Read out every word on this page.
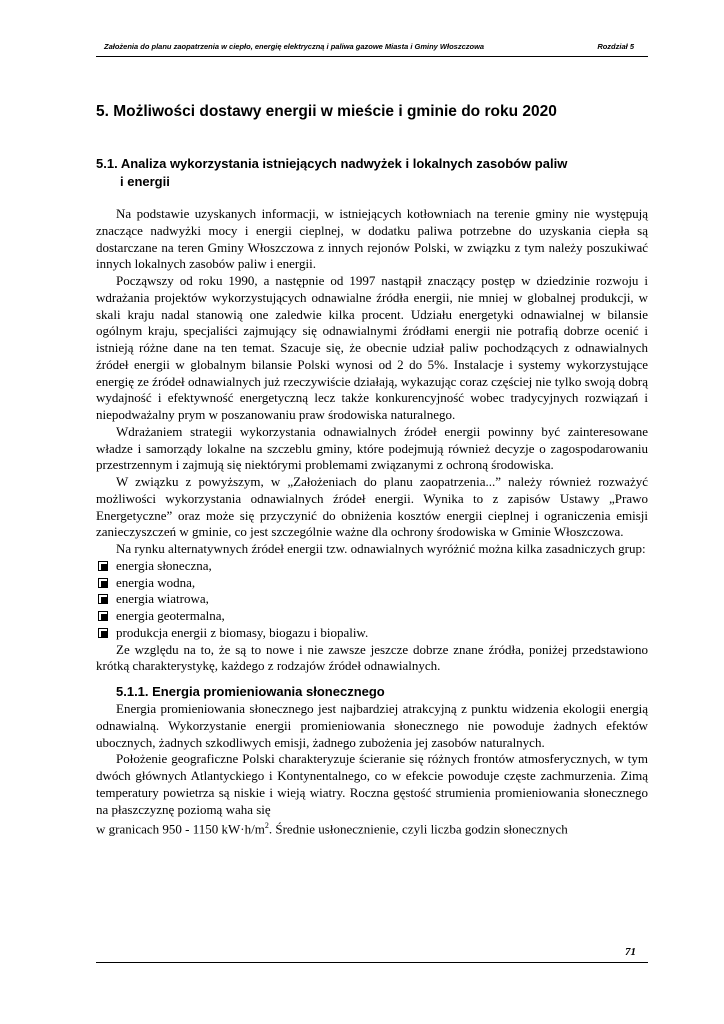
Założenia do planu zaopatrzenia w ciepło, energię elektryczną i paliwa gazowe Miasta i Gminy Włoszczowa	Rozdział 5
5. Możliwości dostawy energii w mieście i gminie do roku 2020
5.1. Analiza wykorzystania istniejących nadwyżek i lokalnych zasobów paliw
i energii

Na podstawie uzyskanych informacji, w istniejących kotłowniach na terenie gminy nie występują znaczące nadwyżki mocy i energii cieplnej, w dodatku paliwa potrzebne do uzyskania ciepła są dostarczane na teren Gminy Włoszczowa z innych rejonów Polski, w związku z tym należy poszukiwać innych lokalnych zasobów paliw i energii.

Począwszy od roku 1990, a następnie od 1997 nastąpił znaczący postęp w dziedzinie rozwoju i wdrażania projektów wykorzystujących odnawialne źródła energii, nie mniej w globalnej produkcji, w skali kraju nadal stanowią one zaledwie kilka procent. Udziału energetyki odnawialnej w bilansie ogólnym kraju, specjaliści zajmujący się odnawialnymi źródłami energii nie potrafią dobrze ocenić i istnieją różne dane na ten temat. Szacuje się, że obecnie udział paliw pochodzących z odnawialnych źródeł energii w globalnym bilansie Polski wynosi od 2 do 5%. Instalacje i systemy wykorzystujące energię ze źródeł odnawialnych już rzeczywiście działają, wykazując coraz częściej nie tylko swoją dobrą wydajność i efektywność energetyczną lecz także konkurencyjność wobec tradycyjnych rozwiązań i niepodważalny prym w poszanowaniu praw środowiska naturalnego.

Wdrażaniem strategii wykorzystania odnawialnych źródeł energii powinny być zainteresowane władze i samorządy lokalne na szczeblu gminy, które podejmują również decyzje o zagospodarowaniu przestrzennym i zajmują się niektórymi problemami związanymi z ochroną środowiska.

W związku z powyższym, w „Założeniach do planu zaopatrzenia...” należy również rozważyć możliwości wykorzystania odnawialnych źródeł energii. Wynika to z zapisów Ustawy „Prawo Energetyczne” oraz może się przyczynić do obniżenia kosztów energii cieplnej i ograniczenia emisji zanieczyszczeń w gminie, co jest szczególnie ważne dla ochrony środowiska w Gminie Włoszczowa.

Na rynku alternatywnych źródeł energii tzw. odnawialnych wyróżnić można kilka zasadniczych grup:

energia słoneczna,
energia wodna,
energia wiatrowa,
energia geotermalna,
produkcja energii z biomasy, biogazu i biopaliw.

Ze względu na to, że są to nowe i nie zawsze jeszcze dobrze znane źródła, poniżej przedstawiono krótką charakterystykę, każdego z rodzajów źródeł odnawialnych.

5.1.1. Energia promieniowania słonecznego

Energia promieniowania słonecznego jest najbardziej atrakcyjną z punktu widzenia ekologii energią odnawialną. Wykorzystanie energii promieniowania słonecznego nie powoduje żadnych efektów ubocznych, żadnych szkodliwych emisji, żadnego zubożenia jej zasobów naturalnych.

Położenie geograficzne Polski charakteryzuje ścieranie się różnych frontów atmosferycznych, w tym dwóch głównych Atlantyckiego i Kontynentalnego, co w efekcie powoduje częste zachmurzenia. Zimą temperatury powietrza są niskie i wieją wiatry. Roczna gęstość strumienia promieniowania słonecznego na płaszczyznę poziomą waha się

w granicach 950 - 1150 $kW\cdot h/m^2$. Średnie usłonecznienie, czyli liczba godzin słonecznych

71
